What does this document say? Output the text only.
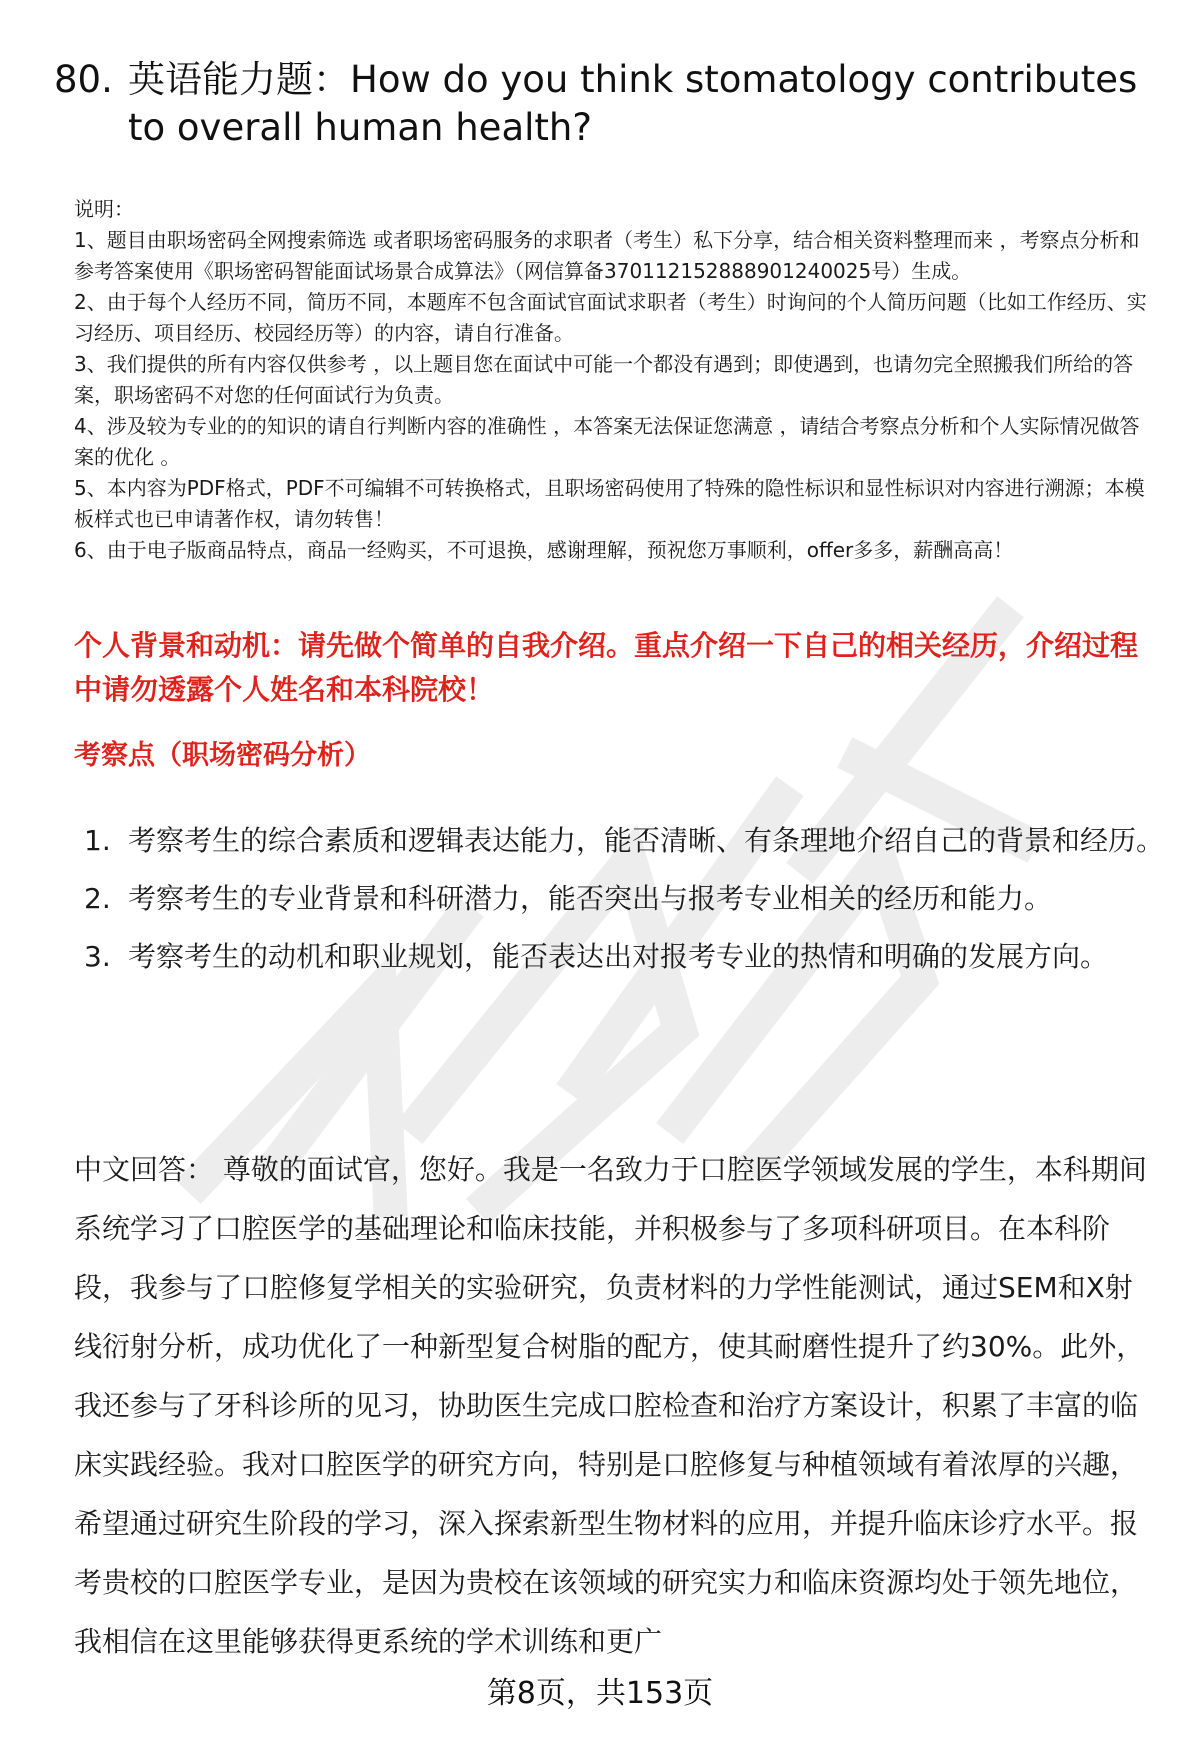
80. 英语能力题：How do you think stomatology contributes to overall human health?

说明：

1、题目由职场密码全网搜索筛选 或者职场密码服务的求职者（考生）私下分享，结合相关资料整理而来 ，考察点分析和参考答案使用《职场密码智能面试场景合成算法》（网信算备370112152888901240025号）生成。

2、由于每个人经历不同，简历不同，本题库不包含面试官面试求职者（考生）时询问的个人简历问题（比如工作经历、实习经历、项目经历、校园经历等）的内容，请自行准备。

3、我们提供的所有内容仅供参考 ，以上题目您在面试中可能一个都没有遇到；即使遇到，也请勿完全照搬我们所给的答案，职场密码不对您的任何面试行为负责。

4、涉及较为专业的的知识的请自行判断内容的准确性 ，本答案无法保证您满意 ，请结合考察点分析和个人实际情况做答案的优化 。

5、本内容为PDF格式，PDF不可编辑不可转换格式，且职场密码使用了特殊的隐性标识和显性标识对内容进行溯源；本模板样式也已申请著作权，请勿转售！

6、由于电子版商品特点，商品一经购买，不可退换，感谢理解，预祝您万事顺利，offer多多，薪酬高高！

个人背景和动机：请先做个简单的自我介绍。重点介绍一下自己的相关经历，介绍过程中请勿透露个人姓名和本科院校！
考察点（职场密码分析）
1. 考察考生的综合素质和逻辑表达能力，能否清晰、有条理地介绍自己的背景和经历。
2. 考察考生的专业背景和科研潜力，能否突出与报考专业相关的经历和能力。
3. 考察考生的动机和职业规划，能否表达出对报考专业的热情和明确的发展方向。

中文回答： 尊敬的面试官，您好。我是一名致力于口腔医学领域发展的学生，本科期间系统学习了口腔医学的基础理论和临床技能，并积极参与了多项科研项目。在本科阶段，我参与了口腔修复学相关的实验研究，负责材料的力学性能测试，通过SEM和X射线衍射分析，成功优化了一种新型复合树脂的配方，使其耐磨性提升了约30%。此外，我还参与了牙科诊所的见习，协助医生完成口腔检查和治疗方案设计，积累了丰富的临床实践经验。我对口腔医学的研究方向，特别是口腔修复与种植领域有着浓厚的兴趣，希望通过研究生阶段的学习，深入探索新型生物材料的应用，并提升临床诊疗水平。报考贵校的口腔医学专业，是因为贵校在该领域的研究实力和临床资源均处于领先地位，我相信在这里能够获得更系统的学术训练和更广

第8页，共153页
